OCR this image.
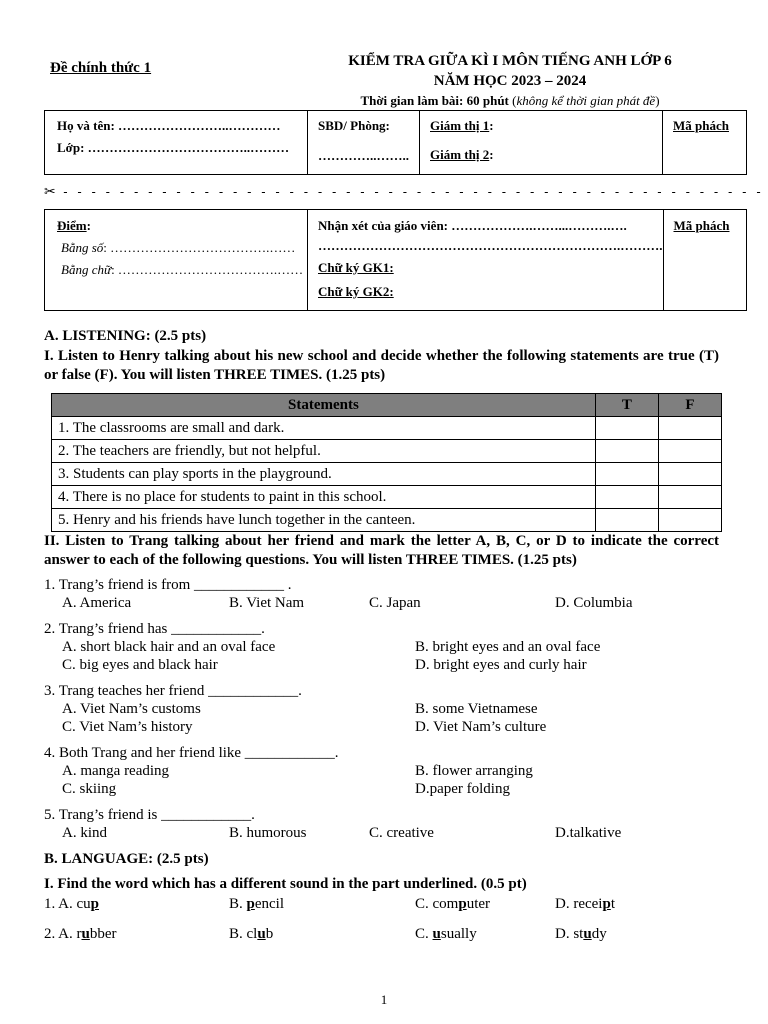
Đề chính thức 1	KIỂM TRA GIỮA KÌ I MÔN TIẾNG ANH LỚP 6
NĂM HỌC 2023 – 2024
Thời gian làm bài: 60 phút (không kể thời gian phát đề)
Họ và tên: ……………………..…………
Lớp: ………………………………..………

SBD/ Phòng:
…………..……..

Giám thị 1:
Giám thị 2:

Mã phách
✂ - - - - - - - - - - - - - - - - - - - - - - - - - - - - - - - - - - - - - - - - - - - - - - - - - -
Điểm:
Bằng số: ……………………………….……
Bằng chữ: ……………………………….……

Nhận xét của giáo viên: ……………….……...……….….
…………………………………………………………….……….
Chữ ký GK1:
Chữ ký GK2:

Mã phách
A. LISTENING: (2.5 pts)
I. Listen to Henry talking about his new school and decide whether the following statements are true (T) or false (F). You will listen THREE TIMES. (1.25 pts)
Statements	T	F
1. The classrooms are small and dark.		
2. The teachers are friendly, but not helpful.		
3. Students can play sports in the playground.		
4. There is no place for students to paint in this school.		
5. Henry and his friends have lunch together in the canteen.		
II. Listen to Trang talking about her friend and mark the letter A, B, C, or D to indicate the correct answer to each of the following questions. You will listen THREE TIMES. (1.25 pts)
1. Trang’s friend is from ____________ .
A. America	B. Viet Nam	C. Japan	D. Columbia
2. Trang’s friend has ____________.
A. short black hair and an oval face	B. bright eyes and an oval face
C. big eyes and black hair	D. bright eyes and curly hair
3. Trang teaches her friend ____________.
A. Viet Nam’s customs	B. some Vietnamese
C. Viet Nam’s history	D. Viet Nam’s culture
4. Both Trang and her friend like ____________.
A. manga reading	B. flower arranging
C. skiing	D.paper folding
5. Trang’s friend is ____________.
A. kind	B. humorous	C. creative	D.talkative
B. LANGUAGE: (2.5 pts)
I. Find the word which has a different sound in the part underlined. (0.5 pt)
1. A. cup	B. pencil	C. computer	D. receipt
2. A. rubber	B. club	C. usually	D. study
1
